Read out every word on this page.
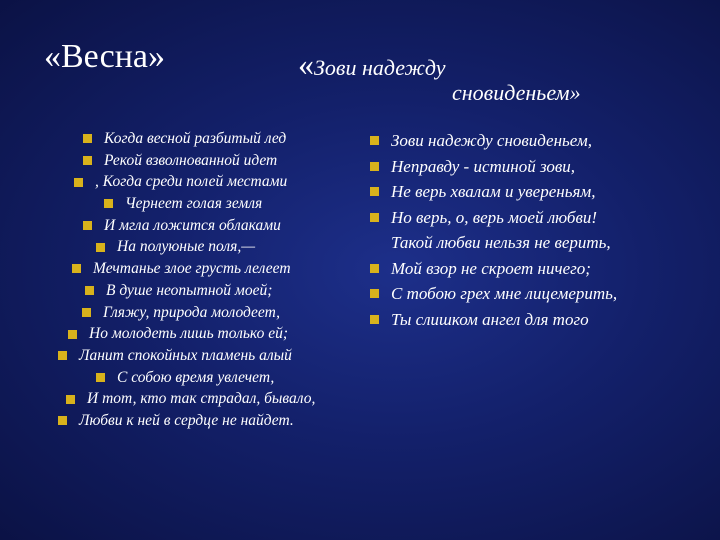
«Весна»	«Зови надежду
сновиденьем»
Когда весной разбитый лед
Рекой взволнованной идет
, Когда среди полей местами
Чернеет голая земля
И мгла ложится облаками
На полуюные поля,—
Мечтанье злое грусть лелеет
В душе неопытной моей;
Гляжу, природа молодеет,
Но молодеть лишь только ей;
Ланит спокойных пламень алый
С собою время увлечет,
И тот, кто так страдал, бывало,
Любви к ней в сердце не найдет.
Зови надежду сновиденьем,
Неправду - истиной зови,
Не верь хвалам и увереньям,
Но верь, о, верь моей любви!
Такой любви нельзя не верить,
Мой взор не скроет ничего;
С тобою грех мне лицемерить,
Ты слишком ангел для того
